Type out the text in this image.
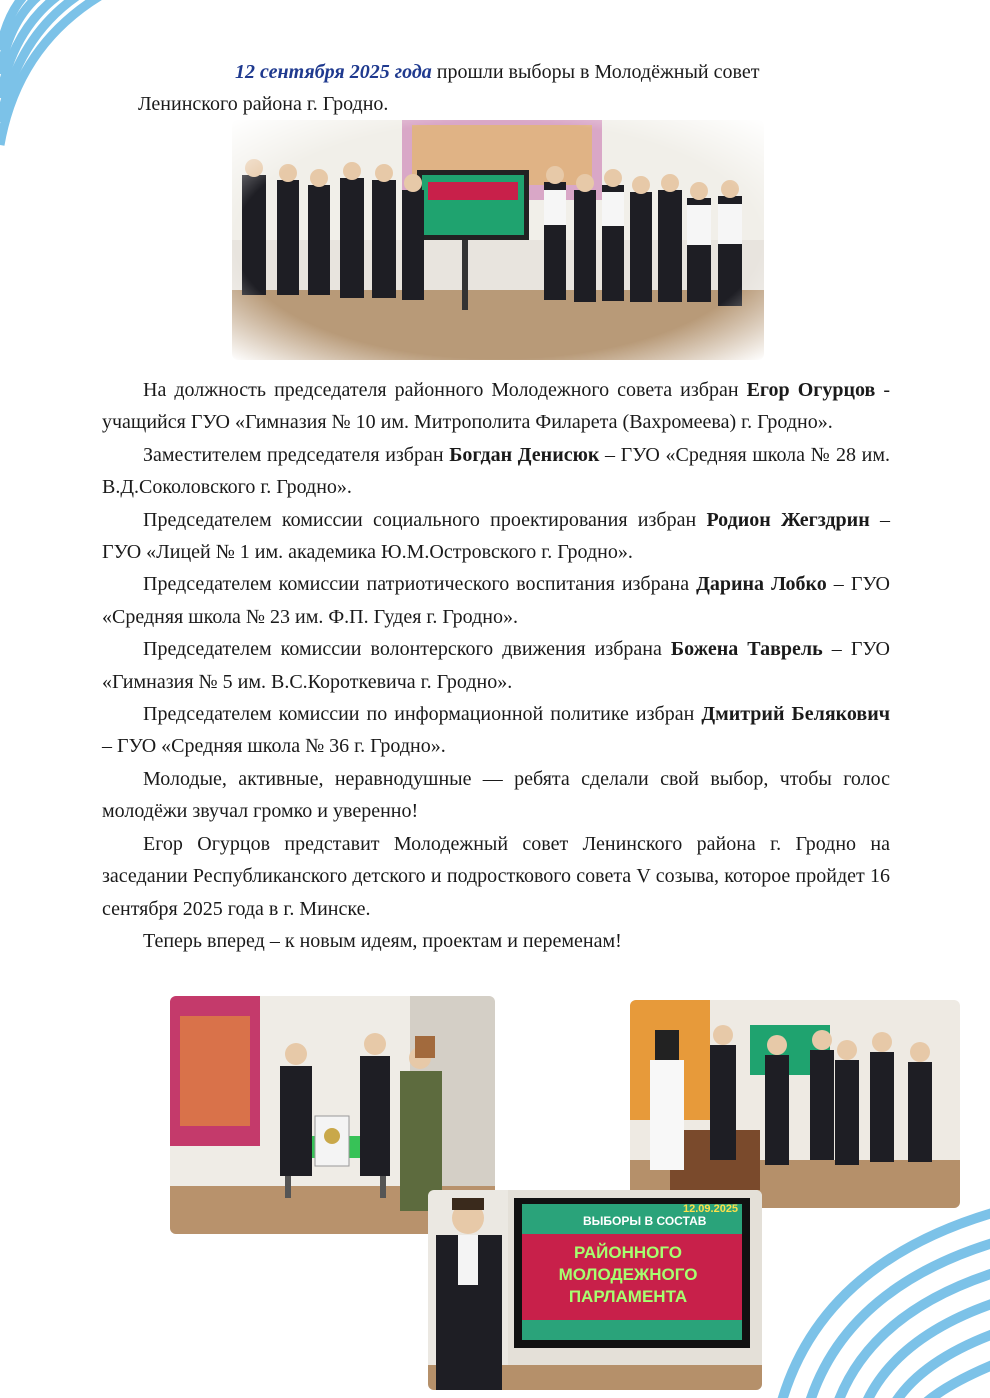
12 сентября 2025 года прошли выборы в Молодёжный совет
Ленинского района г. Гродно.

На должность председателя районного Молодежного совета избран Егор Огурцов - учащийся ГУО «Гимназия № 10 им. Митрополита Филарета (Вахромеева) г. Гродно».

Заместителем председателя избран Богдан Денисюк – ГУО «Средняя школа № 28 им. В.Д.Соколовского г. Гродно».

Председателем комиссии социального проектирования избран Родион Жегздрин – ГУО «Лицей № 1 им. академика Ю.М.Островского г. Гродно».

Председателем комиссии патриотического воспитания избрана Дарина Лобко – ГУО «Средняя школа № 23 им. Ф.П. Гудея г. Гродно».

Председателем комиссии волонтерского движения избрана Божена Таврель – ГУО «Гимназия № 5 им. В.С.Короткевича г. Гродно».

Председателем комиссии по информационной политике избран Дмитрий Белякович – ГУО «Средняя школа № 36 г. Гродно».

Молодые, активные, неравнодушные — ребята сделали свой выбор, чтобы голос молодёжи звучал громко и уверенно!

Егор Огурцов представит Молодежный совет Ленинского района г. Гродно на заседании Республиканского детского и подросткового совета V созыва, которое пройдет 16 сентября 2025 года в г. Минске.

Теперь вперед – к новым идеям, проектам и переменам!

ВЫБОРЫ В СОСТАВ
12.09.2025
РАЙОННОГО
МОЛОДЕЖНОГО
ПАРЛАМЕНТА
